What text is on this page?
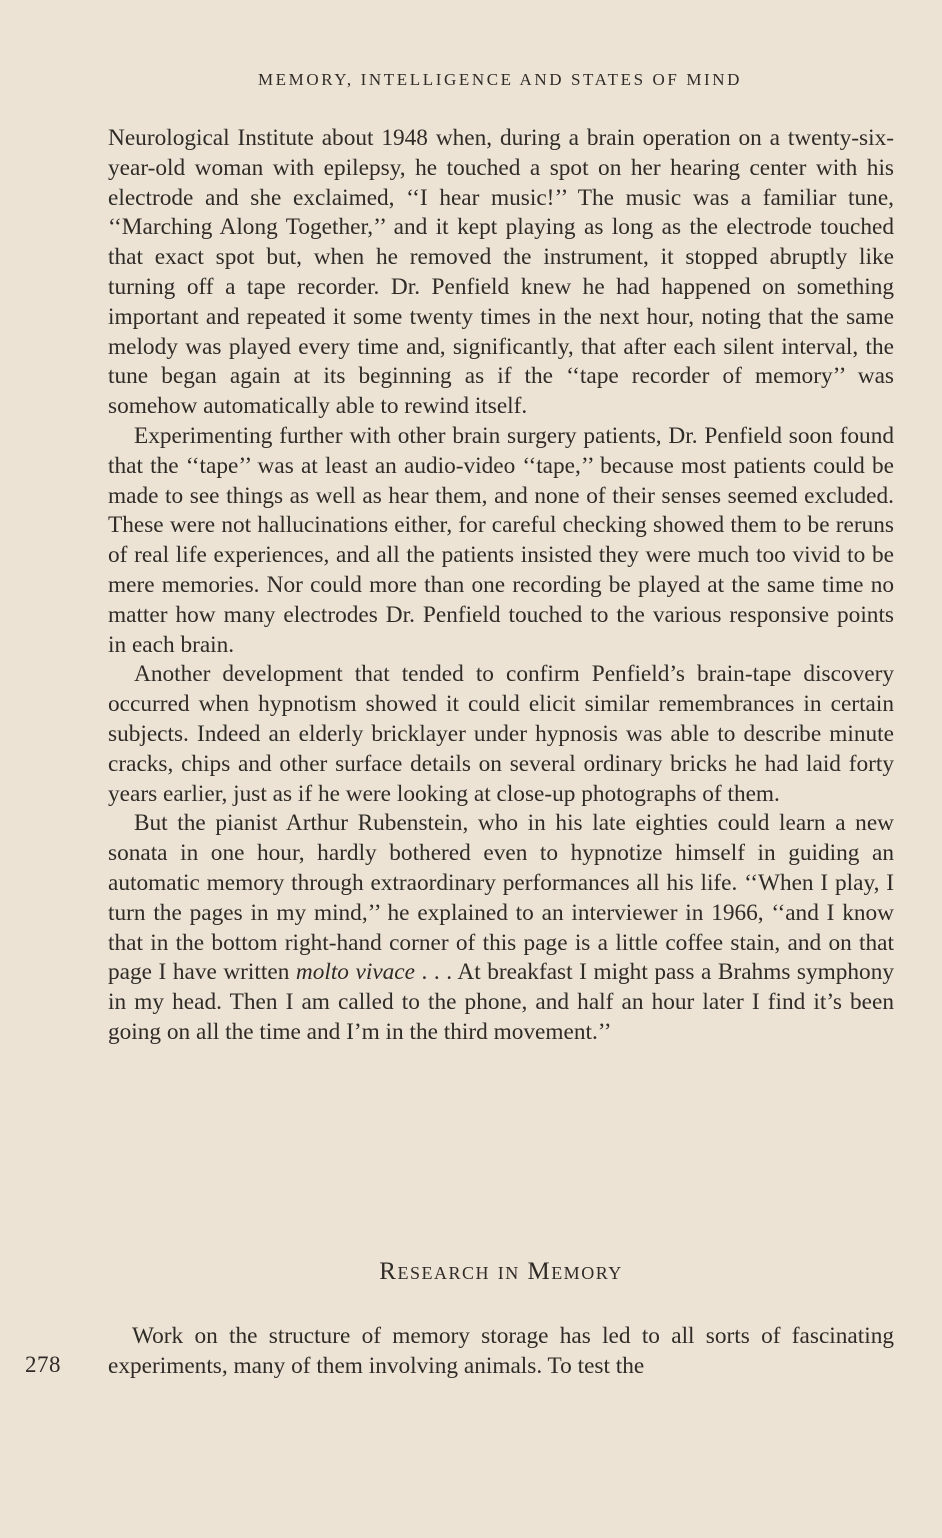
MEMORY, INTELLIGENCE AND STATES OF MIND

Neurological Institute about 1948 when, during a brain operation on a twenty-six-year-old woman with epilepsy, he touched a spot on her hearing center with his electrode and she exclaimed, ‘‘I hear music!’’ The music was a familiar tune, ‘‘Marching Along Together,’’ and it kept playing as long as the electrode touched that exact spot but, when he removed the instrument, it stopped abruptly like turning off a tape recorder. Dr. Penfield knew he had happened on something important and repeated it some twenty times in the next hour, noting that the same melody was played every time and, significantly, that after each silent interval, the tune began again at its beginning as if the ‘‘tape recorder of memory’’ was somehow automatically able to rewind itself.

Experimenting further with other brain surgery patients, Dr. Penfield soon found that the ‘‘tape’’ was at least an audio-video ‘‘tape,’’ because most patients could be made to see things as well as hear them, and none of their senses seemed excluded. These were not hallucinations either, for careful checking showed them to be reruns of real life experiences, and all the patients insisted they were much too vivid to be mere memories. Nor could more than one recording be played at the same time no matter how many electrodes Dr. Penfield touched to the various responsive points in each brain.

Another development that tended to confirm Penfield’s brain-tape discovery occurred when hypnotism showed it could elicit similar remembrances in certain subjects. Indeed an elderly bricklayer under hypnosis was able to describe minute cracks, chips and other surface details on several ordinary bricks he had laid forty years earlier, just as if he were looking at close-up photographs of them.

But the pianist Arthur Rubenstein, who in his late eighties could learn a new sonata in one hour, hardly bothered even to hypnotize himself in guiding an automatic memory through extraordinary performances all his life. ‘‘When I play, I turn the pages in my mind,’’ he explained to an interviewer in 1966, ‘‘and I know that in the bottom right-hand corner of this page is a little coffee stain, and on that page I have written molto vivace . . . At breakfast I might pass a Brahms symphony in my head. Then I am called to the phone, and half an hour later I find it’s been going on all the time and I’m in the third movement.’’

Research in Memory

Work on the structure of memory storage has led to all sorts of fascinating experiments, many of them involving animals. To test the

278
